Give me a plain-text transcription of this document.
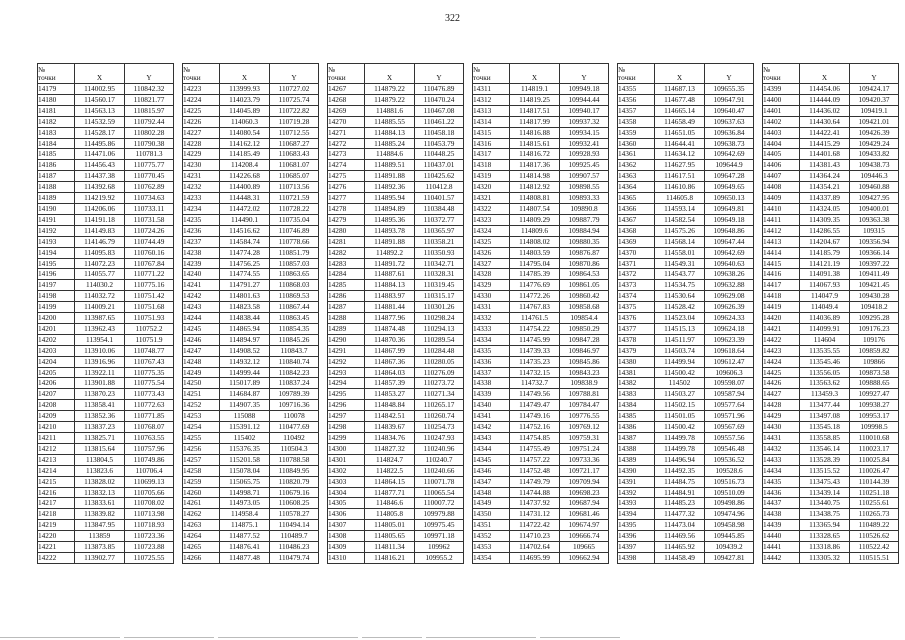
322
№
точки	X	Y
14179	114002.95	110842.32
14180	114560.17	110821.77
14181	114563.13	110815.97
14182	114532.59	110792.44
14183	114528.17	110802.28
14184	114495.86	110790.38
14185	114471.06	110781.3
14186	114456.43	110775.77
14187	114437.38	110770.45
14188	114392.68	110762.89
14189	114219.92	110734.63
14190	114206.06	110733.11
14191	114191.18	110731.58
14192	114149.83	110724.26
14193	114146.79	110744.49
14194	114095.83	110760.16
14195	114072.23	110767.84
14196	114055.77	110771.22
14197	114030.2	110775.16
14198	114032.72	110751.42
14199	114009.21	110751.68
14200	113987.65	110751.93
14201	113962.43	110752.2
14202	113954.1	110751.9
14203	113910.06	110748.77
14204	113916.96	110767.43
14205	113922.11	110775.35
14206	113901.88	110775.54
14207	113870.23	110773.43
14208	113858.41	110772.63
14209	113852.36	110771.85
14210	113837.23	110768.07
14211	113825.71	110763.55
14212	113815.64	110757.96
14213	113804.5	110749.86
14214	113823.6	110706.4
14215	113828.02	110699.13
14216	113832.13	110705.66
14217	113833.61	110708.02
14218	113839.82	110713.98
14219	113847.95	110718.93
14220	113859	110723.36
14221	113873.85	110723.88
14222	113902.77	110725.55
№
точки	X	Y
14223	113999.93	110727.02
14224	114023.79	110725.74
14225	114045.89	110722.82
14226	114060.3	110719.28
14227	114080.54	110712.55
14228	114162.12	110687.27
14229	114185.49	110683.43
14230	114208.4	110681.07
14231	114226.68	110685.07
14232	114400.89	110713.56
14233	114448.31	110721.59
14234	114472.02	110728.22
14235	114490.1	110735.04
14236	114516.62	110746.89
14237	114584.74	110778.66
14238	114774.28	110851.79
14239	114756.25	110857.03
14240	114774.55	110863.65
14241	114791.27	110868.03
14242	114801.63	110869.53
14243	114823.58	110867.44
14244	114838.44	110863.45
14245	114865.94	110854.35
14246	114894.97	110845.26
14247	114908.52	110843.7
14248	114932.12	110840.74
14249	114999.44	110842.23
14250	115017.89	110837.24
14251	114684.87	109789.39
14252	114907.35	109716.36
14253	115088	110078
14254	115391.12	110477.69
14255	115402	110492
14256	115376.35	110504.3
14257	115201.58	110788.58
14258	115078.04	110849.95
14259	115065.75	110820.79
14260	114998.71	110679.16
14261	114973.05	110608.25
14262	114958.4	110578.27
14263	114875.1	110494.14
14264	114877.52	110489.7
14265	114876.41	110486.23
14266	114877.48	110479.74
№
точки	X	Y
14267	114879.22	110476.89
14268	114879.22	110470.24
14269	114881.6	110467.08
14270	114885.55	110461.22
14271	114884.13	110458.18
14272	114885.24	110453.79
14273	114884.6	110448.25
14274	114889.51	110437.01
14275	114891.88	110425.62
14276	114892.36	110412.8
14277	114895.94	110401.57
14278	114894.89	110384.48
14279	114895.36	110372.77
14280	114893.78	110365.97
14281	114891.88	110358.21
14282	114892.2	110350.93
14283	114891.72	110342.71
14284	114887.61	110328.31
14285	114884.13	110319.45
14286	114883.97	110315.17
14287	114881.44	110301.26
14288	114877.96	110298.24
14289	114874.48	110294.13
14290	114870.36	110289.54
14291	114867.99	110284.48
14292	114867.36	110280.05
14293	114864.03	110276.09
14294	114857.39	110273.72
14295	114853.27	110271.34
14296	114848.84	110265.17
14297	114842.51	110260.74
14298	114839.67	110254.73
14299	114834.76	110247.93
14300	114827.32	110240.96
14301	114824.7	110240.7
14302	114822.5	110240.66
14303	114864.15	110071.78
14304	114877.71	110065.54
14305	114846.6	110007.72
14306	114805.8	109979.88
14307	114805.01	109975.45
14308	114805.65	109971.18
14309	114811.34	109962
14310	114816.21	109955.2
№
точки	X	Y
14311	114819.1	109949.18
14312	114819.25	109944.44
14313	114817.51	109940.17
14314	114817.99	109937.32
14315	114816.88	109934.15
14316	114815.61	109932.41
14317	114816.72	109928.93
14318	114817.36	109925.45
14319	114814.98	109907.57
14320	114812.92	109898.55
14321	114808.81	109893.33
14322	114807.54	109890.8
14323	114809.29	109887.79
14324	114809.6	109884.94
14325	114808.02	109880.35
14326	114803.59	109876.87
14327	114795.04	109870.86
14328	114785.39	109864.53
14329	114776.69	109861.05
14330	114772.26	109860.42
14331	114767.83	109858.68
14332	114761.5	109854.4
14333	114754.22	109850.29
14334	114745.99	109847.28
14335	114739.33	109846.97
14336	114735.23	109845.86
14337	114732.15	109843.23
14338	114732.7	109838.9
14339	114749.56	109788.81
14340	114749.47	109784.47
14341	114749.16	109776.55
14342	114752.16	109769.12
14343	114754.85	109759.31
14344	114755.49	109751.24
14345	114757.22	109733.36
14346	114752.48	109721.17
14347	114749.79	109709.94
14348	114744.88	109698.23
14349	114737.92	109687.94
14350	114731.12	109681.46
14351	114722.42	109674.97
14352	114710.23	109666.74
14353	114702.64	109665
14354	114695.99	109662.94
№
точки	X	Y
14355	114687.13	109655.35
14356	114677.48	109647.91
14357	114665.14	109640.47
14358	114658.49	109637.63
14359	114651.05	109636.84
14360	114644.41	109638.73
14361	114634.12	109642.69
14362	114627.95	109644.9
14363	114617.51	109647.28
14364	114610.86	109649.65
14365	114605.8	109650.13
14366	114593.14	109649.81
14367	114582.54	109649.18
14368	114575.26	109648.86
14369	114568.14	109647.44
14370	114558.01	109642.69
14371	114549.31	109640.63
14372	114543.77	109638.26
14373	114534.75	109632.88
14374	114530.64	109629.08
14375	114528.42	109626.39
14376	114523.04	109624.33
14377	114515.13	109624.18
14378	114511.97	109623.39
14379	114503.74	109618.64
14380	114499.94	109612.47
14381	114500.42	109606.3
14382	114502	109598.07
14383	114503.27	109587.94
14384	114502.15	109577.64
14385	114501.05	109571.96
14386	114500.42	109567.69
14387	114499.78	109557.56
14388	114499.78	109546.48
14389	114496.94	109536.52
14390	114492.35	109528.6
14391	114484.75	109516.73
14392	114484.91	109510.09
14393	114485.23	109498.86
14394	114477.32	109474.96
14395	114473.04	109458.98
14396	114469.56	109445.85
14397	114465.92	109439.2
14398	114458.49	109427.81
№
точки	X	Y
14399	114454.06	109424.17
14400	114444.09	109420.37
14401	114436.02	109419.1
14402	114430.64	109421.01
14403	114422.41	109426.39
14404	114415.29	109429.24
14405	114401.68	109433.82
14406	114381.43	109438.73
14407	114364.24	109446.3
14408	114354.21	109460.88
14409	114337.89	109427.95
14410	114324.05	109400.01
14411	114309.35	109363.38
14412	114286.55	109315
14413	114204.67	109356.94
14414	114185.79	109366.14
14415	114121.19	109397.22
14416	114091.38	109411.49
14417	114067.93	109421.45
14418	114047.9	109430.28
14419	114049.4	109418.2
14420	114036.89	109295.28
14421	114099.91	109176.23
14422	114604	109176
14423	113535.55	109859.82
14424	113545.46	109866
14425	113556.05	109873.58
14426	113563.62	109888.65
14427	113459.3	109927.47
14428	113477.44	109938.27
14429	113497.08	109953.17
14430	113545.18	109998.5
14431	113558.85	110010.68
14432	113546.14	110023.17
14433	113528.39	110025.84
14434	113515.52	110026.47
14435	113475.43	110144.39
14436	113439.14	110251.18
14437	113440.75	110255.61
14438	113438.75	110265.73
14439	113365.94	110489.22
14440	113328.65	110526.62
14441	113318.86	110522.42
14442	113305.32	110515.51
